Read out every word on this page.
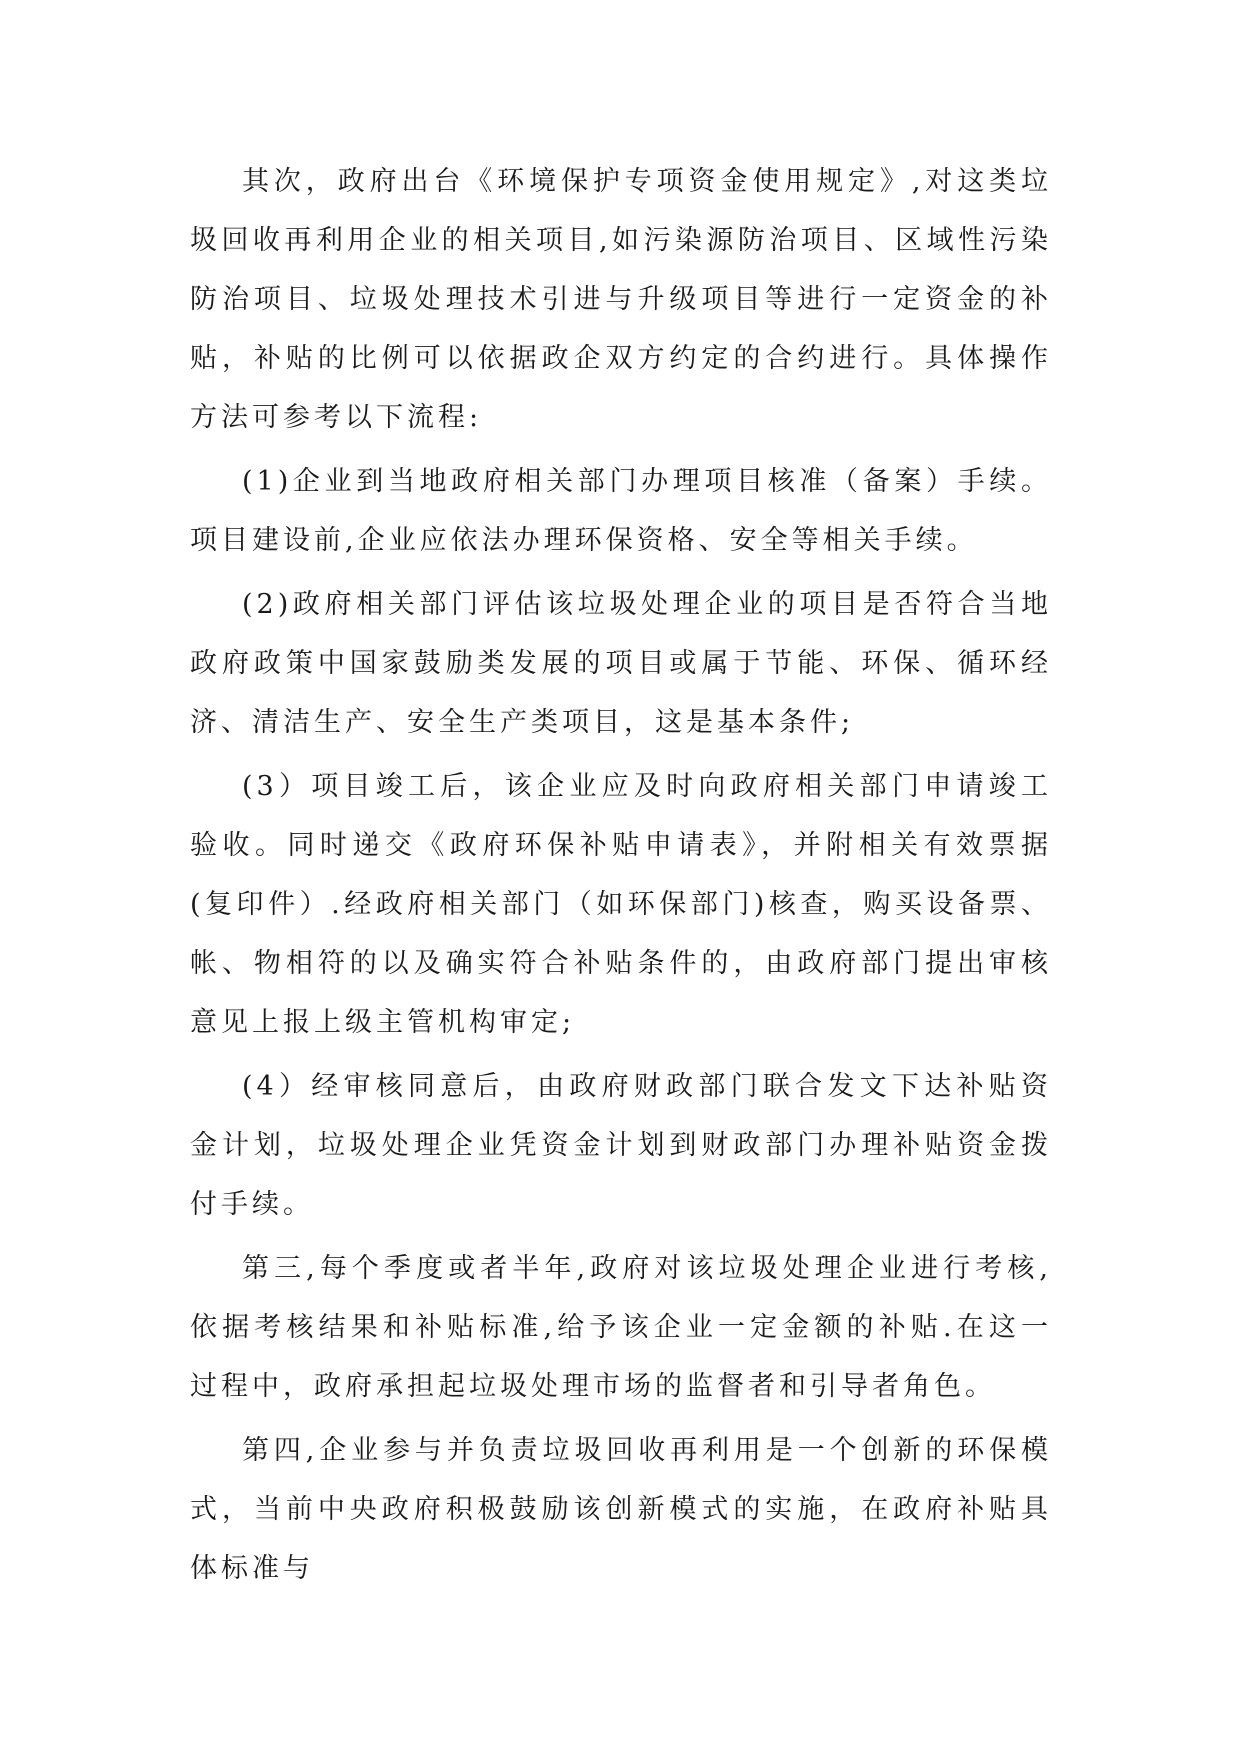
其次，政府出台《环境保护专项资金使用规定》,对这类垃圾回收再利用企业的相关项目,如污染源防治项目、区域性污染防治项目、垃圾处理技术引进与升级项目等进行一定资金的补贴，补贴的比例可以依据政企双方约定的合约进行。具体操作方法可参考以下流程:

(1)企业到当地政府相关部门办理项目核准（备案）手续。项目建设前,企业应依法办理环保资格、安全等相关手续。

(2)政府相关部门评估该垃圾处理企业的项目是否符合当地政府政策中国家鼓励类发展的项目或属于节能、环保、循环经济、清洁生产、安全生产类项目，这是基本条件;

(3）项目竣工后，该企业应及时向政府相关部门申请竣工验收。同时递交《政府环保补贴申请表》，并附相关有效票据(复印件）.经政府相关部门（如环保部门)核查，购买设备票、帐、物相符的以及确实符合补贴条件的，由政府部门提出审核意见上报上级主管机构审定;

(4）经审核同意后，由政府财政部门联合发文下达补贴资金计划，垃圾处理企业凭资金计划到财政部门办理补贴资金拨付手续。

第三,每个季度或者半年,政府对该垃圾处理企业进行考核,依据考核结果和补贴标准,给予该企业一定金额的补贴.在这一过程中，政府承担起垃圾处理市场的监督者和引导者角色。

第四,企业参与并负责垃圾回收再利用是一个创新的环保模式，当前中央政府积极鼓励该创新模式的实施，在政府补贴具体标准与
